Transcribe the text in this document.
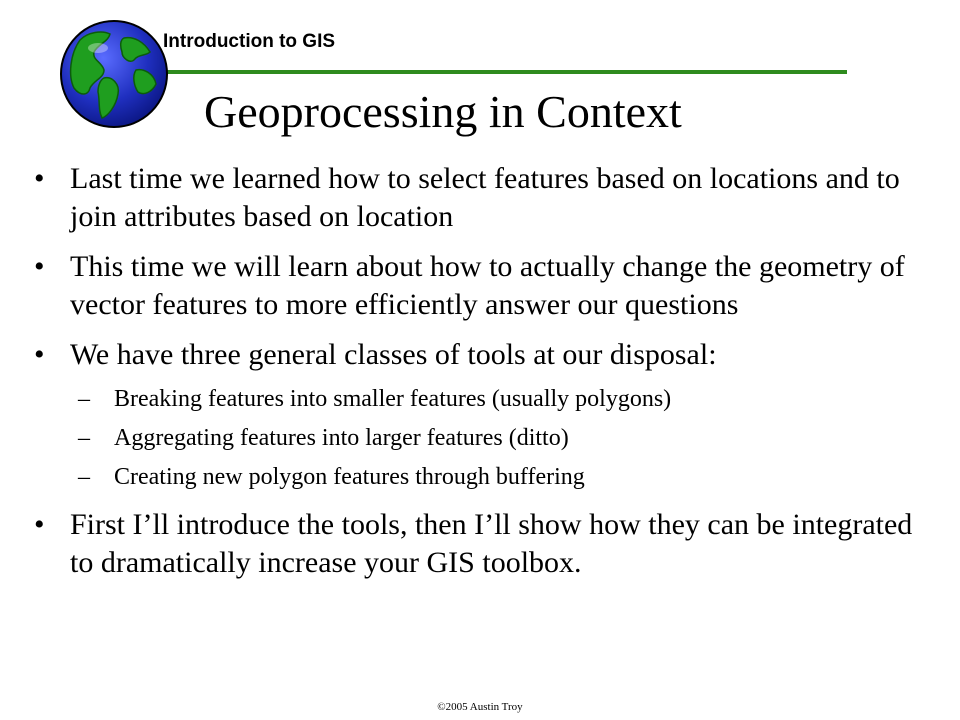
Introduction to GIS
Geoprocessing in Context
• Last time we learned how to select features based on locations and to join attributes based on location
• This time we will learn about how to actually change the geometry of vector features to more efficiently answer our questions
• We have three general classes of tools at our disposal:
– Breaking features into smaller features (usually polygons)
– Aggregating features into larger features (ditto)
– Creating new polygon features through buffering
• First I’ll introduce the tools, then I’ll show how they can be integrated to dramatically increase your GIS toolbox.
©2005 Austin Troy
